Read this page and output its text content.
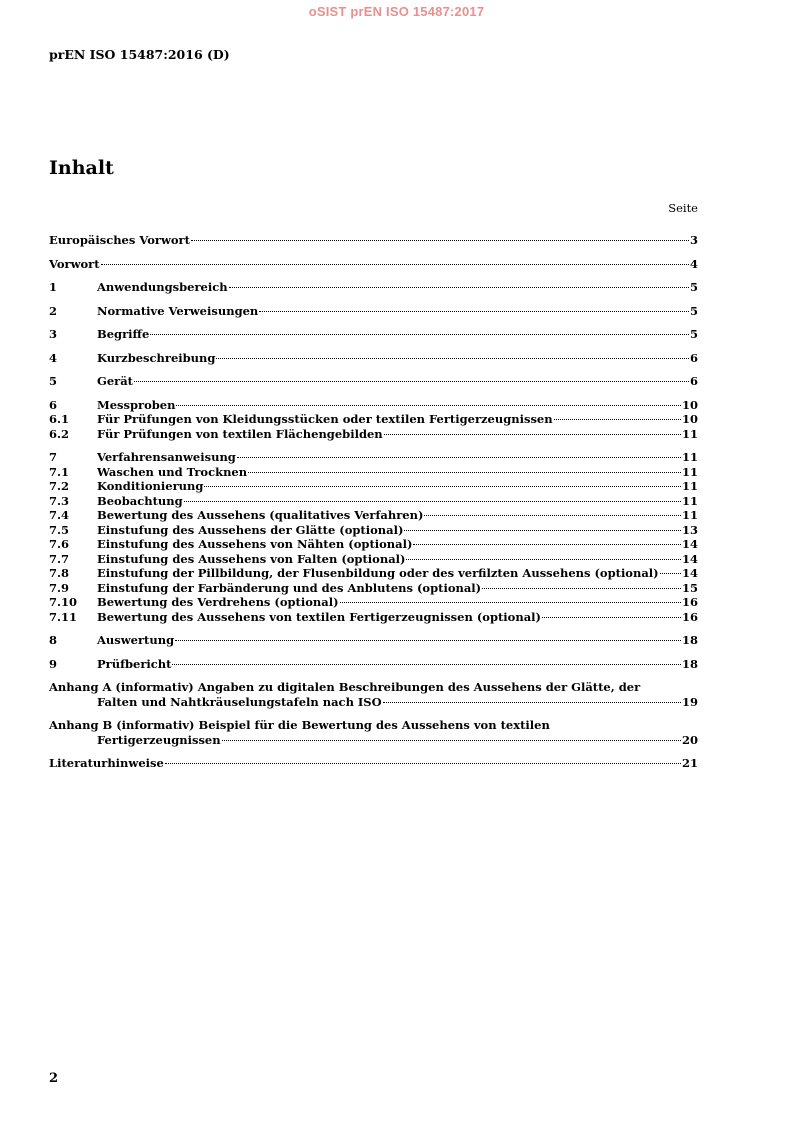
oSIST prEN ISO 15487:2017
prEN ISO 15487:2016 (D)
Inhalt
Seite
Europäisches Vorwort	3
Vorwort	4
1	Anwendungsbereich	5
2	Normative Verweisungen	5
3	Begriffe	5
4	Kurzbeschreibung	6
5	Gerät	6
6	Messproben	10
6.1	Für Prüfungen von Kleidungsstücken oder textilen Fertigerzeugnissen	10
6.2	Für Prüfungen von textilen Flächengebilden	11
7	Verfahrensanweisung	11
7.1	Waschen und Trocknen	11
7.2	Konditionierung	11
7.3	Beobachtung	11
7.4	Bewertung des Aussehens (qualitatives Verfahren)	11
7.5	Einstufung des Aussehens der Glätte (optional)	13
7.6	Einstufung des Aussehens von Nähten (optional)	14
7.7	Einstufung des Aussehens von Falten (optional)	14
7.8	Einstufung der Pillbildung, der Flusenbildung oder des verfilzten Aussehens (optional) 14
7.9	Einstufung der Farbänderung und des Anblutens (optional)	15
7.10	Bewertung des Verdrehens (optional)	16
7.11	Bewertung des Aussehens von textilen Fertigerzeugnissen (optional)	16
8	Auswertung	18
9	Prüfbericht	18
Anhang A (informativ) Angaben zu digitalen Beschreibungen des Aussehens der Glätte, der
Falten und Nahtkräuselungstafeln nach ISO	19
Anhang B (informativ) Beispiel für die Bewertung des Aussehens von textilen
Fertigerzeugnissen	20
Literaturhinweise	21
2
